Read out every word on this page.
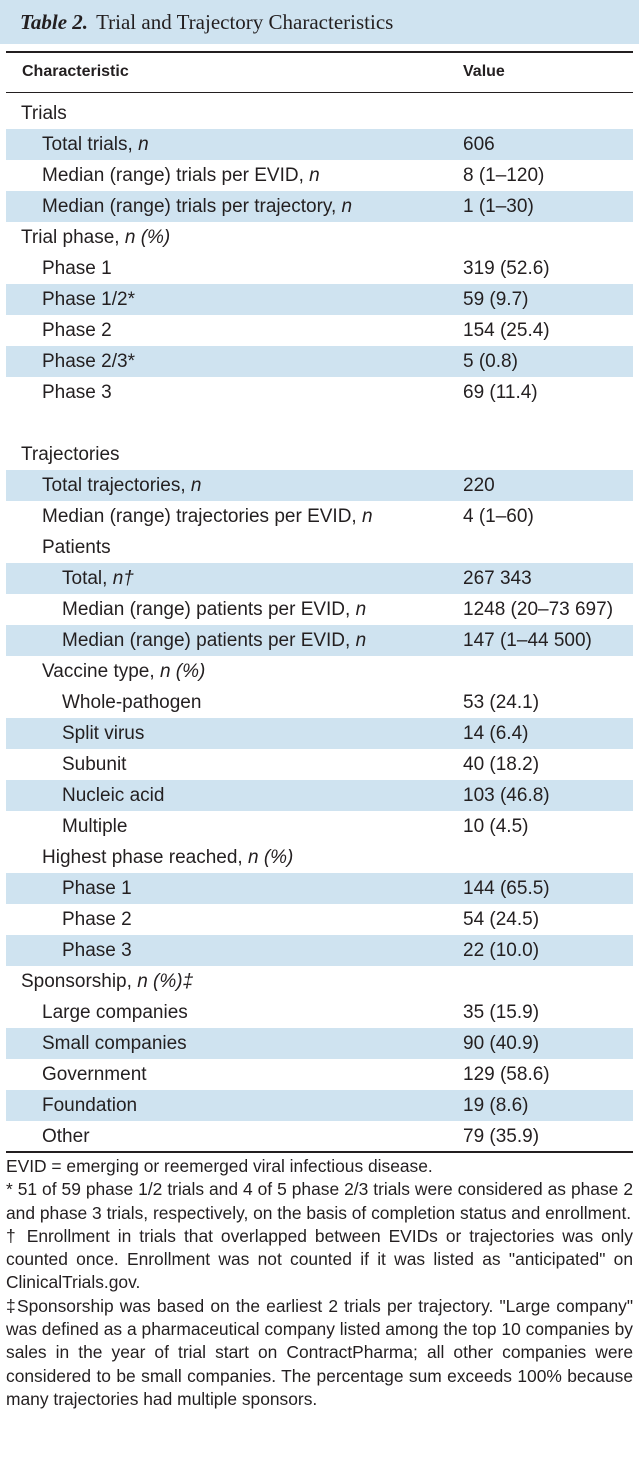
Table 2. Trial and Trajectory Characteristics
Characteristic	Value
Trials
Total trials, n	606
Median (range) trials per EVID, n	8 (1–120)
Median (range) trials per trajectory, n	1 (1–30)
Trial phase, n (%)
Phase 1	319 (52.6)
Phase 1/2*	59 (9.7)
Phase 2	154 (25.4)
Phase 2/3*	5 (0.8)
Phase 3	69 (11.4)
Trajectories
Total trajectories, n	220
Median (range) trajectories per EVID, n	4 (1–60)
Patients
Total, n†	267 343
Median (range) patients per EVID, n	1248 (20–73 697)
Median (range) patients per EVID, n	147 (1–44 500)
Vaccine type, n (%)
Whole-pathogen	53 (24.1)
Split virus	14 (6.4)
Subunit	40 (18.2)
Nucleic acid	103 (46.8)
Multiple	10 (4.5)
Highest phase reached, n (%)
Phase 1	144 (65.5)
Phase 2	54 (24.5)
Phase 3	22 (10.0)
Sponsorship, n (%)‡
Large companies	35 (15.9)
Small companies	90 (40.9)
Government	129 (58.6)
Foundation	19 (8.6)
Other	79 (35.9)

EVID = emerging or reemerged viral infectious disease.

* 51 of 59 phase 1/2 trials and 4 of 5 phase 2/3 trials were considered as phase 2 and phase 3 trials, respectively, on the basis of completion status and enrollment.

† Enrollment in trials that overlapped between EVIDs or trajectories was only counted once. Enrollment was not counted if it was listed as "anticipated" on ClinicalTrials.gov.

‡Sponsorship was based on the earliest 2 trials per trajectory. "Large company" was defined as a pharmaceutical company listed among the top 10 companies by sales in the year of trial start on ContractPharma; all other companies were considered to be small companies. The percentage sum exceeds 100% because many trajectories had multiple sponsors.
